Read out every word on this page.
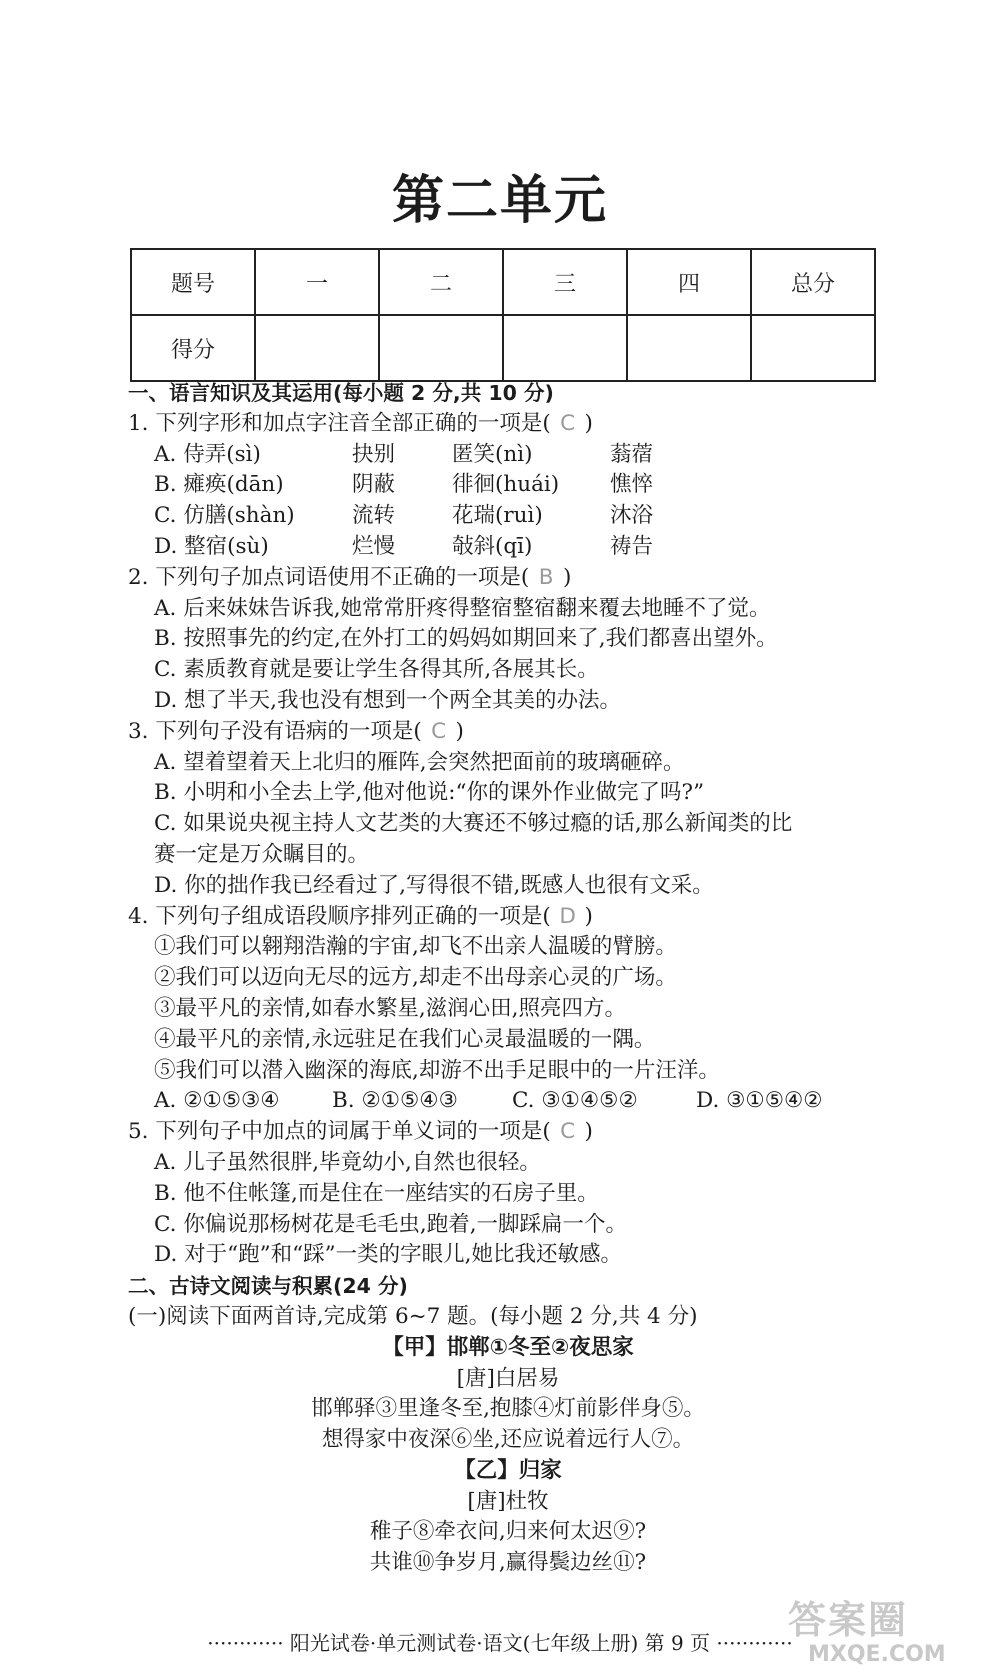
第二单元
题号	一	二	三	四	总分
得分					
一、语言知识及其运用(每小题 2 分,共 10 分)
1. 下列字形和加点字注音全部正确的一项是( C )
A. 侍弄(sì)	抉别	匿笑(nì)	蓊蓿
B. 瘫痪(dān)	阴蔽	徘徊(huái) 憔悴
C. 仿膳(shàn)	流转	花瑞(ruì)	沐浴
D. 整宿(sù)	烂慢	敧斜(qī)	祷告
2. 下列句子加点词语使用不正确的一项是( B )
A. 后来妹妹告诉我,她常常肝疼得整宿整宿翻来覆去地睡不了觉。
B. 按照事先的约定,在外打工的妈妈如期回来了,我们都喜出望外。
C. 素质教育就是要让学生各得其所,各展其长。
D. 想了半天,我也没有想到一个两全其美的办法。
3. 下列句子没有语病的一项是( C )
A. 望着望着天上北归的雁阵,会突然把面前的玻璃砸碎。
B. 小明和小全去上学,他对他说:“你的课外作业做完了吗?”
C. 如果说央视主持人文艺类的大赛还不够过瘾的话,那么新闻类的比
赛一定是万众瞩目的。
D. 你的拙作我已经看过了,写得很不错,既感人也很有文采。
4. 下列句子组成语段顺序排列正确的一项是( D )
①我们可以翱翔浩瀚的宇宙,却飞不出亲人温暖的臂膀。
②我们可以迈向无尽的远方,却走不出母亲心灵的广场。
③最平凡的亲情,如春水繁星,滋润心田,照亮四方。
④最平凡的亲情,永远驻足在我们心灵最温暖的一隅。
⑤我们可以潜入幽深的海底,却游不出手足眼中的一片汪洋。
A. ②①⑤③④ B. ②①⑤④③	C. ③①④⑤②	D. ③①⑤④②
5. 下列句子中加点的词属于单义词的一项是( C )
A. 儿子虽然很胖,毕竟幼小,自然也很轻。
B. 他不住帐篷,而是住在一座结实的石房子里。
C. 你偏说那杨树花是毛毛虫,跑着,一脚踩扁一个。
D. 对于“跑”和“踩”一类的字眼儿,她比我还敏感。
二、古诗文阅读与积累(24 分)
(一)阅读下面两首诗,完成第 6~7 题。(每小题 2 分,共 4 分)
【甲】邯郸①冬至②夜思家
[唐]白居易
邯郸驿③里逢冬至,抱膝④灯前影伴身⑤。
想得家中夜深⑥坐,还应说着远行人⑦。
【乙】归家
[唐]杜牧
稚子⑧牵衣问,归来何太迟⑨?
共谁⑩争岁月,赢得鬓边丝⑪?
············ 阳光试卷·单元测试卷·语文(七年级上册) 第 9 页 ············
答案圈
MXQE.COM
